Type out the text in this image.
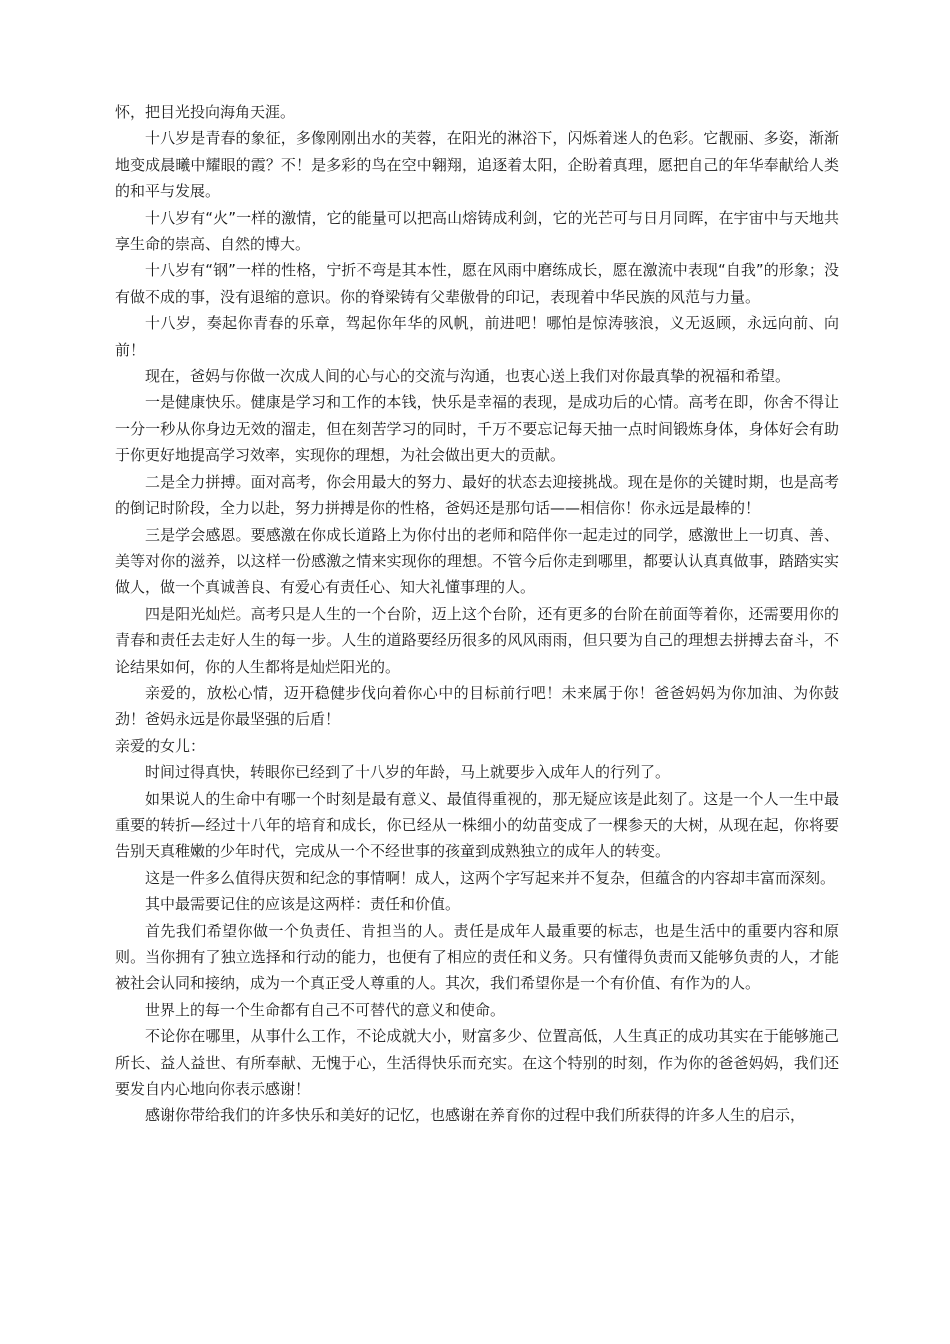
怀，把目光投向海角天涯。

十八岁是青春的象征，多像刚刚出水的芙蓉，在阳光的淋浴下，闪烁着迷人的色彩。它靓丽、多姿，渐渐地变成晨曦中耀眼的霞？不！是多彩的鸟在空中翱翔，追逐着太阳，企盼着真理，愿把自己的年华奉献给人类的和平与发展。

十八岁有“火”一样的激情，它的能量可以把高山熔铸成利剑，它的光芒可与日月同晖，在宇宙中与天地共享生命的崇高、自然的博大。

十八岁有“钢”一样的性格，宁折不弯是其本性，愿在风雨中磨练成长，愿在激流中表现“自我”的形象；没有做不成的事，没有退缩的意识。你的脊梁铸有父辈傲骨的印记，表现着中华民族的风范与力量。

十八岁，奏起你青春的乐章，驾起你年华的风帆，前进吧！哪怕是惊涛骇浪，义无返顾，永远向前、向前！

现在，爸妈与你做一次成人间的心与心的交流与沟通，也衷心送上我们对你最真挚的祝福和希望。

一是健康快乐。健康是学习和工作的本钱，快乐是幸福的表现，是成功后的心情。高考在即，你舍不得让一分一秒从你身边无效的溜走，但在刻苦学习的同时，千万不要忘记每天抽一点时间锻炼身体，身体好会有助于你更好地提高学习效率，实现你的理想，为社会做出更大的贡献。

二是全力拼搏。面对高考，你会用最大的努力、最好的状态去迎接挑战。现在是你的关键时期，也是高考的倒记时阶段，全力以赴，努力拼搏是你的性格，爸妈还是那句话——相信你！你永远是最棒的！

三是学会感恩。要感激在你成长道路上为你付出的老师和陪伴你一起走过的同学，感激世上一切真、善、美等对你的滋养，以这样一份感激之情来实现你的理想。不管今后你走到哪里，都要认认真真做事，踏踏实实做人，做一个真诚善良、有爱心有责任心、知大礼懂事理的人。

四是阳光灿烂。高考只是人生的一个台阶，迈上这个台阶，还有更多的台阶在前面等着你，还需要用你的青春和责任去走好人生的每一步。人生的道路要经历很多的风风雨雨，但只要为自己的理想去拼搏去奋斗，不论结果如何，你的人生都将是灿烂阳光的。

亲爱的，放松心情，迈开稳健步伐向着你心中的目标前行吧！未来属于你！爸爸妈妈为你加油、为你鼓劲！爸妈永远是你最坚强的后盾！

亲爱的女儿：

时间过得真快，转眼你已经到了十八岁的年龄，马上就要步入成年人的行列了。

如果说人的生命中有哪一个时刻是最有意义、最值得重视的，那无疑应该是此刻了。这是一个人一生中最重要的转折—经过十八年的培育和成长，你已经从一株细小的幼苗变成了一棵参天的大树，从现在起，你将要告别天真稚嫩的少年时代，完成从一个不经世事的孩童到成熟独立的成年人的转变。

这是一件多么值得庆贺和纪念的事情啊！成人，这两个字写起来并不复杂，但蕴含的内容却丰富而深刻。

其中最需要记住的应该是这两样：责任和价值。

首先我们希望你做一个负责任、肯担当的人。责任是成年人最重要的标志，也是生活中的重要内容和原则。当你拥有了独立选择和行动的能力，也便有了相应的责任和义务。只有懂得负责而又能够负责的人，才能被社会认同和接纳，成为一个真正受人尊重的人。其次，我们希望你是一个有价值、有作为的人。

世界上的每一个生命都有自己不可替代的意义和使命。

不论你在哪里，从事什么工作，不论成就大小，财富多少、位置高低，人生真正的成功其实在于能够施己所长、益人益世、有所奉献、无愧于心，生活得快乐而充实。在这个特别的时刻，作为你的爸爸妈妈，我们还要发自内心地向你表示感谢！

感谢你带给我们的许多快乐和美好的记忆，也感谢在养育你的过程中我们所获得的许多人生的启示，
